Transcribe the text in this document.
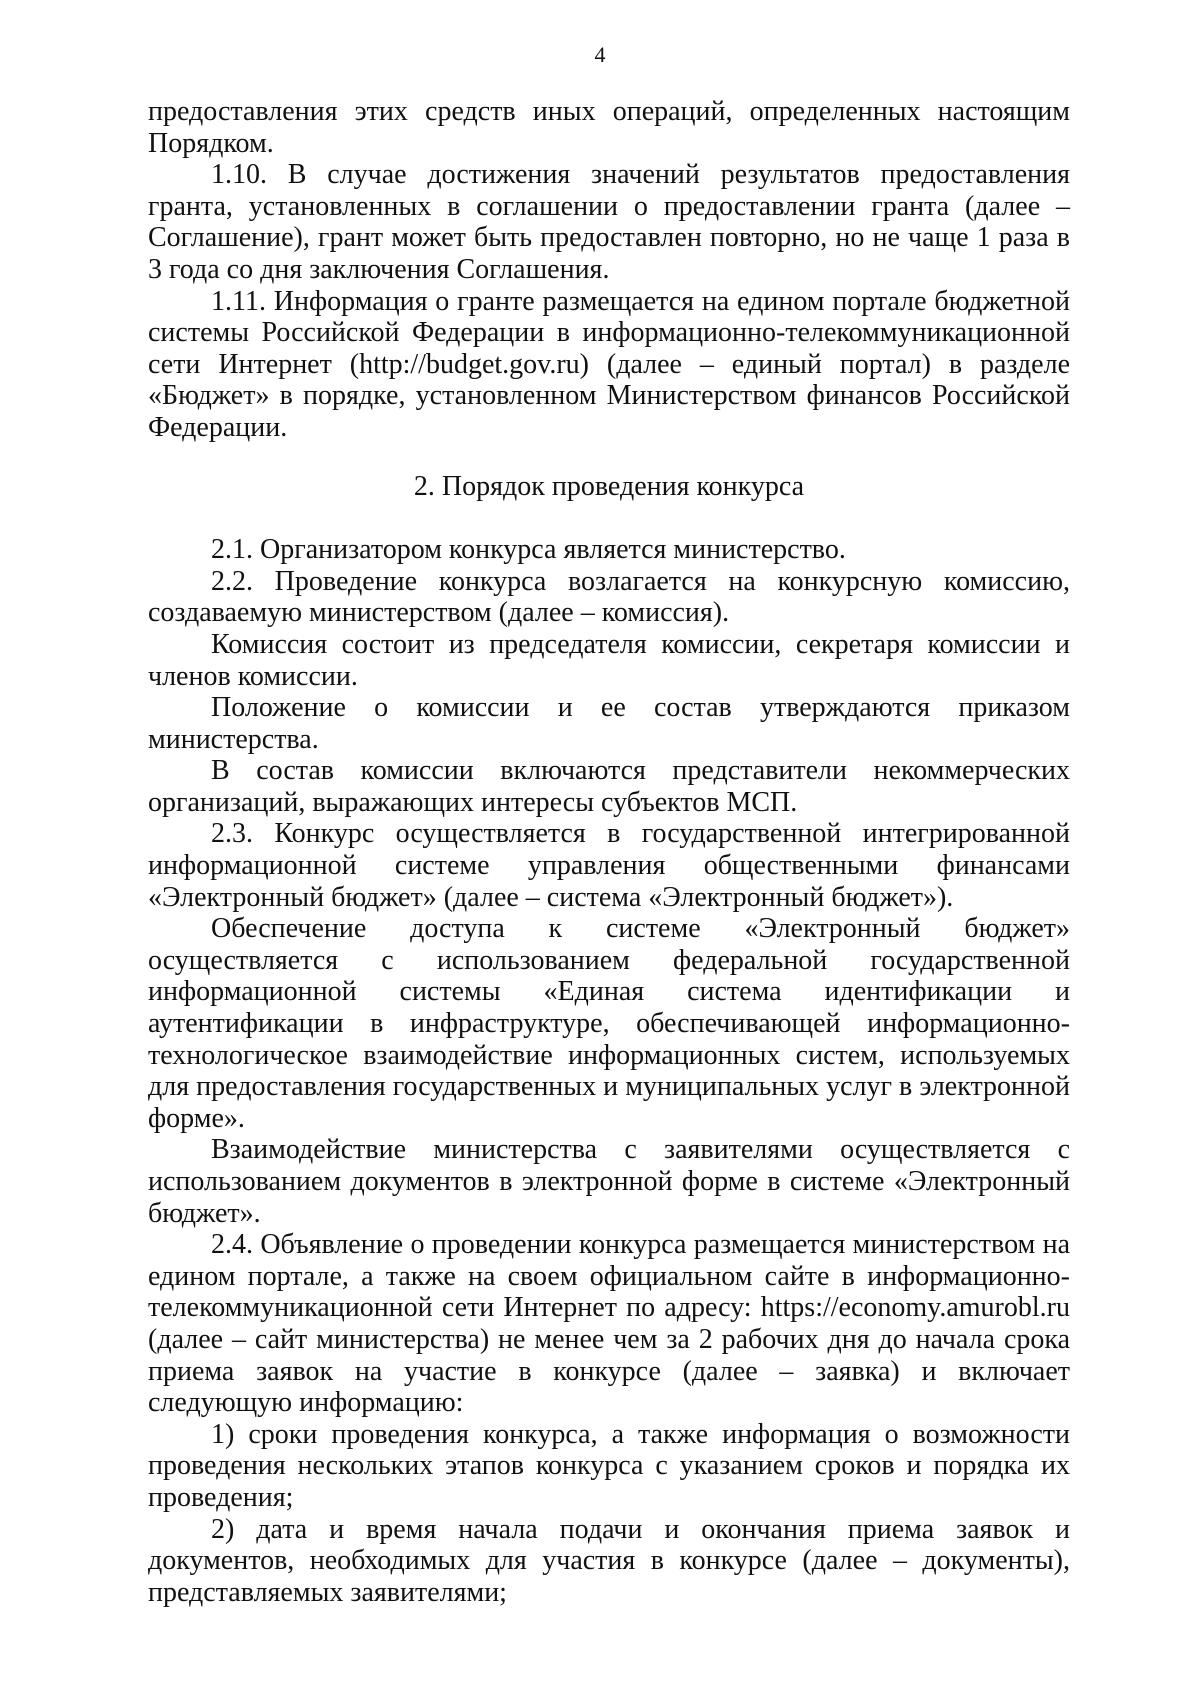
4

предоставления этих средств иных операций, определенных настоящим Порядком.

1.10. В случае достижения значений результатов предоставления гранта, установленных в соглашении о предоставлении гранта (далее – Соглашение), грант может быть предоставлен повторно, но не чаще 1 раза в 3 года со дня заключения Соглашения.

1.11. Информация о гранте размещается на едином портале бюджетной системы Российской Федерации в информационно-телекоммуникационной сети Интернет (http://budget.gov.ru) (далее – единый портал) в разделе «Бюджет» в порядке, установленном Министерством финансов Российской Федерации.

2. Порядок проведения конкурса

2.1. Организатором конкурса является министерство.

2.2. Проведение конкурса возлагается на конкурсную комиссию, создаваемую министерством (далее – комиссия).

Комиссия состоит из председателя комиссии, секретаря комиссии и членов комиссии.

Положение о комиссии и ее состав утверждаются приказом министерства.

В состав комиссии включаются представители некоммерческих организаций, выражающих интересы субъектов МСП.

2.3. Конкурс осуществляется в государственной интегрированной информационной системе управления общественными финансами «Электронный бюджет» (далее – система «Электронный бюджет»).

Обеспечение доступа к системе «Электронный бюджет» осуществляется с использованием федеральной государственной информационной системы «Единая система идентификации и аутентификации в инфраструктуре, обеспечивающей информационно-технологическое взаимодействие информационных систем, используемых для предоставления государственных и муниципальных услуг в электронной форме».

Взаимодействие министерства с заявителями осуществляется с использованием документов в электронной форме в системе «Электронный бюджет».

2.4. Объявление о проведении конкурса размещается министерством на едином портале, а также на своем официальном сайте в информационно-телекоммуникационной сети Интернет по адресу: https://economy.amurobl.ru (далее – сайт министерства) не менее чем за 2 рабочих дня до начала срока приема заявок на участие в конкурсе (далее – заявка) и включает следующую информацию:

1) сроки проведения конкурса, а также информация о возможности проведения нескольких этапов конкурса с указанием сроков и порядка их проведения;

2) дата и время начала подачи и окончания приема заявок и документов, необходимых для участия в конкурсе (далее – документы), представляемых заявителями;
